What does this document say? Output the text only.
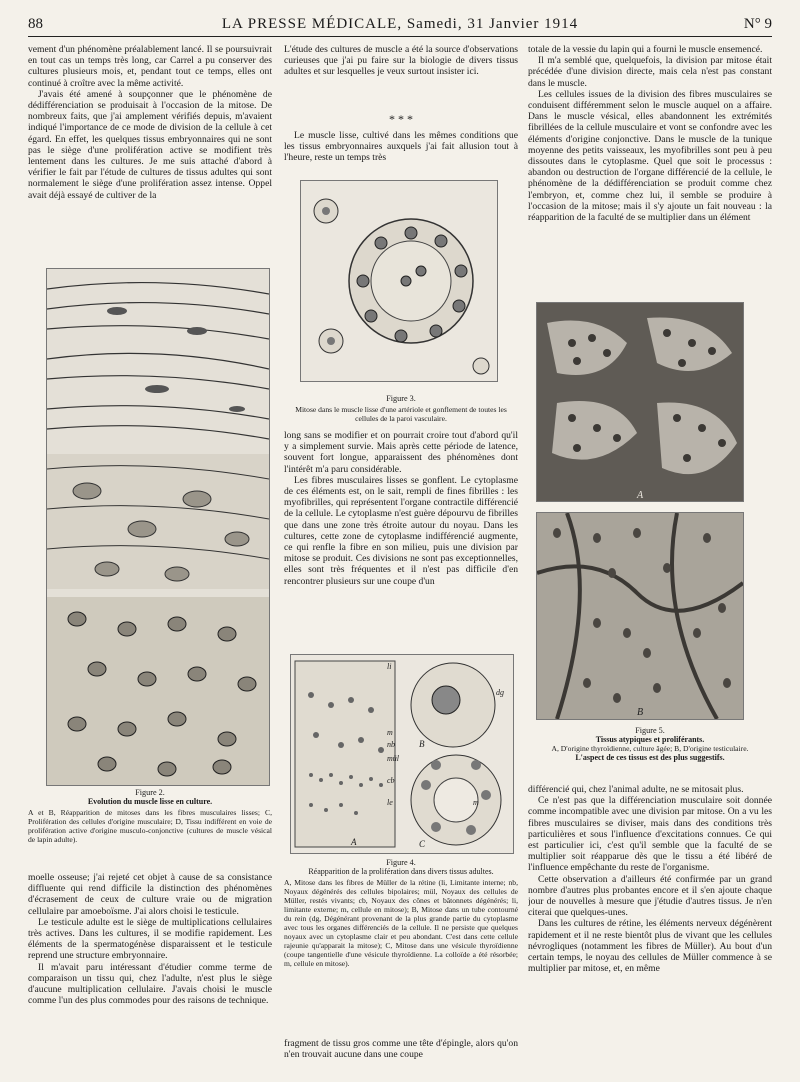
88	LA PRESSE MÉDICALE, Samedi, 31 Janvier 1914	N° 9

vement d'un phénomène préalablement lancé. Il se poursuivrait en tout cas un temps très long, car Carrel a pu conserver des cultures plusieurs mois, et, pendant tout ce temps, elles ont continué à croître avec la même activité.

J'avais été amené à soupçonner que le phénomène de dédifférenciation se produisait à l'occasion de la mitose. De nombreux faits, que j'ai amplement vérifiés depuis, m'avaient indiqué l'importance de ce mode de division de la cellule à cet égard. En effet, les quelques tissus embryonnaires qui ne sont pas le siège d'une prolifération active se modifient très lentement dans les cultures. Je me suis attaché d'abord à vérifier le fait par l'étude de cultures de tissus adultes qui sont normalement le siège d'une prolifération assez intense. Oppel avait déjà essayé de cultiver de la

Figure 2.
Evolution du muscle lisse en culture.
A et B, Réapparition de mitoses dans les fibres musculaires lisses; C, Prolifération des cellules d'origine musculaire; D, Tissu indifférent en voie de prolifération active d'origine musculo-conjonctive (cultures de muscle vésical de lapin adulte).

moelle osseuse; j'ai rejeté cet objet à cause de sa consistance diffluente qui rend difficile la distinction des phénomènes d'écrasement de ceux de culture vraie ou de migration cellulaire par amoeboïsme. J'ai alors choisi le testicule.

Le testicule adulte est le siège de multiplications cellulaires très actives. Dans les cultures, il se modifie rapidement. Les éléments de la spermatogénèse disparaissent et le testicule reprend une structure embryonnaire.

Il m'avait paru intéressant d'étudier comme terme de comparaison un tissu qui, chez l'adulte, n'est plus le siège d'aucune multiplication cellulaire. J'avais choisi le muscle comme l'un des plus commodes pour des raisons de technique.

L'étude des cultures de muscle a été la source d'observations curieuses que j'ai pu faire sur la biologie de divers tissus adultes et sur lesquelles je veux surtout insister ici.

* * *

Le muscle lisse, cultivé dans les mêmes conditions que les tissus embryonnaires auxquels j'ai fait allusion tout à l'heure, reste un temps très

Figure 3.
Mitose dans le muscle lisse d'une artériole et gonflement de toutes les cellules de la paroi vasculaire.

long sans se modifier et on pourrait croire tout d'abord qu'il y a simplement survie. Mais après cette période de latence, souvent fort longue, apparaissent des phénomènes dont l'intérêt m'a paru considérable.

Les fibres musculaires lisses se gonflent. Le cytoplasme de ces éléments est, on le sait, rempli de fines fibrilles : les myofibrilles, qui représentent l'organe contractile différencié de la cellule. Le cytoplasme n'est guère dépourvu de fibrilles que dans une zone très étroite autour du noyau. Dans les cultures, cette zone de cytoplasme indifférencié augmente, ce qui renfle la fibre en son milieu, puis une division par mitose se produit. Ces divisions ne sont pas exceptionnelles, elles sont très fréquentes et il n'est pas difficile d'en rencontrer plusieurs sur une coupe d'un

li
m
nb
mül
cb
le
A
B
dg
C
m
Figure 4.
Réapparition de la prolifération dans divers tissus adultes.
A, Mitose dans les fibres de Müller de la rétine (li, Limitante interne; nb, Noyaux dégénérés des cellules bipolaires; mül, Noyaux des cellules de Müller, restés vivants; cb, Noyaux des cônes et bâtonnets dégénérés; li, limitante externe; m, cellule en mitose); B, Mitose dans un tube contourné du rein (dg, Dégénérant provenant de la plus grande partie du cytoplasme avec tous les organes différenciés de la cellule. Il ne persiste que quelques noyaux avec un cytoplasme clair et peu abondant. C'est dans cette cellule rajeunie qu'apparait la mitose); C, Mitose dans une vésicule thyroïdienne (coupe tangentielle d'une vésicule thyroïdienne. La colloïde a été résorbée; m, cellule en mitose).

fragment de tissu gros comme une tête d'épingle, alors qu'on n'en trouvait aucune dans une coupe

totale de la vessie du lapin qui a fourni le muscle ensemencé.

Il m'a semblé que, quelquefois, la division par mitose était précédée d'une division directe, mais cela n'est pas constant dans le muscle.

Les cellules issues de la division des fibres musculaires se conduisent différemment selon le muscle auquel on a affaire. Dans le muscle vésical, elles abandonnent les extrémités fibrillées de la cellule musculaire et vont se confondre avec les éléments d'origine conjonctive. Dans le muscle de la tunique moyenne des petits vaisseaux, les myofibrilles sont peu à peu dissoutes dans le cytoplasme. Quel que soit le processus : abandon ou destruction de l'organe différencié de la cellule, le phénomène de la dédifférenciation se produit comme chez l'embryon, et, comme chez lui, il semble se produire à l'occasion de la mitose; mais il s'y ajoute un fait nouveau : la réapparition de la faculté de se multiplier dans un élément

A
B
Figure 5.
Tissus atypiques et proliférants.
A, D'origine thyroïdienne, culture âgée; B, D'origine testiculaire.
L'aspect de ces tissus est des plus suggestifs.

différencié qui, chez l'animal adulte, ne se mitosait plus.

Ce n'est pas que la différenciation musculaire soit donnée comme incompatible avec une division par mitose. On a vu les fibres musculaires se diviser, mais dans des conditions très particulières et sous l'influence d'excitations connues. Ce qui est particulier ici, c'est qu'il semble que la faculté de se multiplier soit réapparue dès que le tissu a été libéré de l'influence empêchante du reste de l'organisme.

Cette observation a d'ailleurs été confirmée par un grand nombre d'autres plus probantes encore et il s'en ajoute chaque jour de nouvelles à mesure que j'étudie d'autres tissus. Je n'en citerai que quelques-unes.

Dans les cultures de rétine, les éléments nerveux dégénèrent rapidement et il ne reste bientôt plus de vivant que les cellules névrogliques (notamment les fibres de Müller). Au bout d'un certain temps, le noyau des cellules de Müller commence à se multiplier par mitose, et, en même
